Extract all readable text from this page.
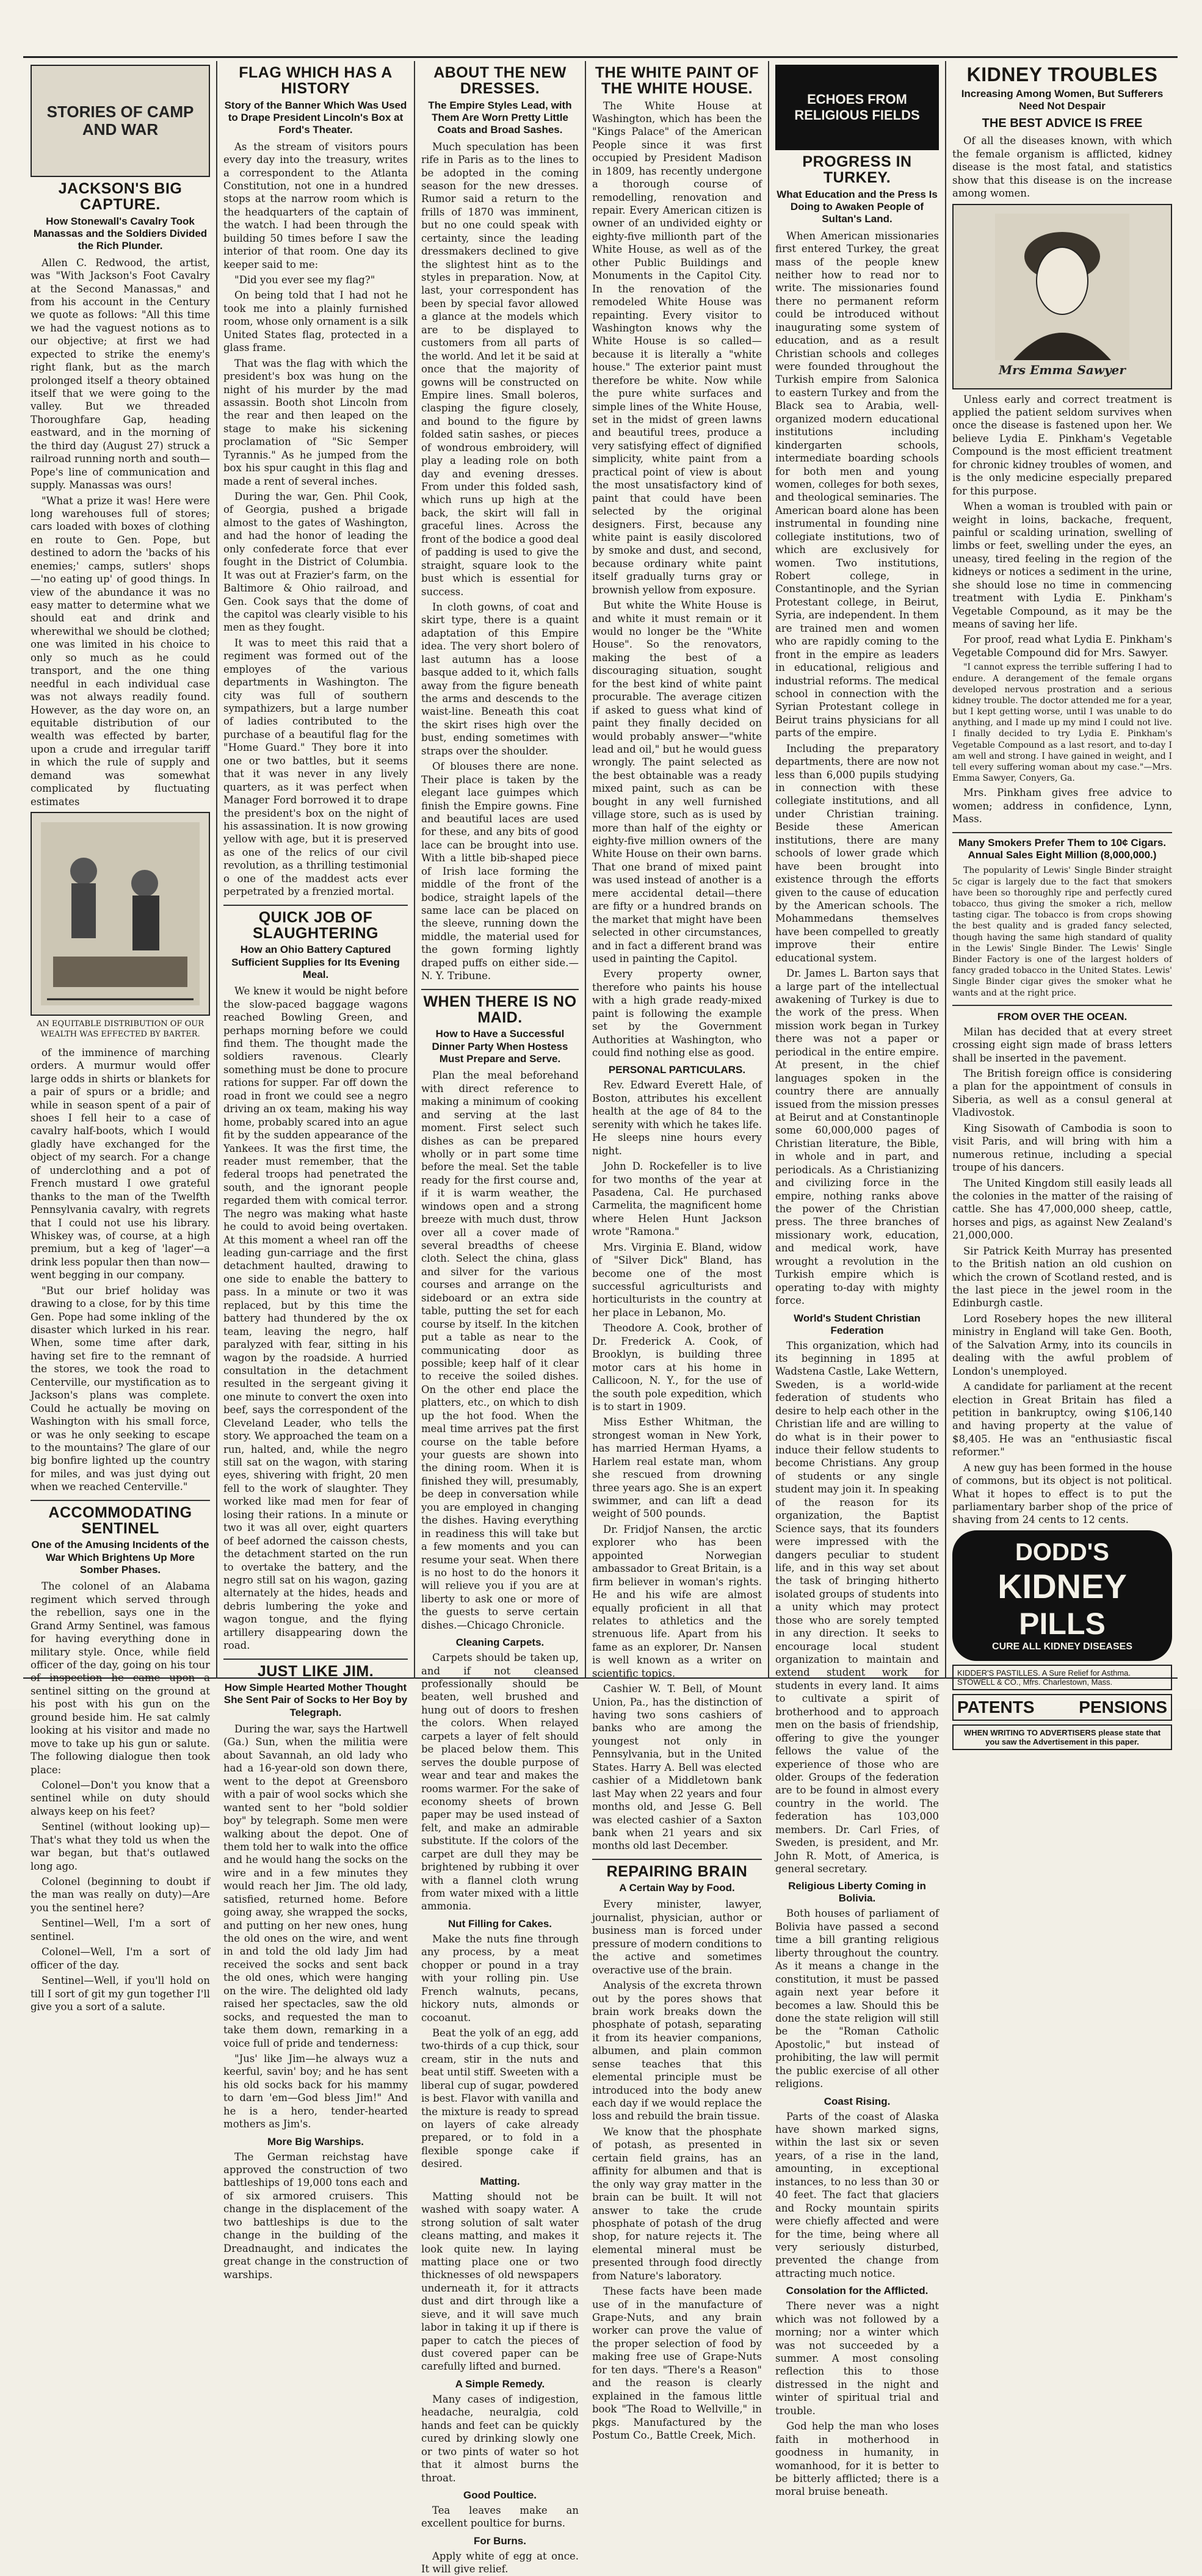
STORIES OF CAMP AND WAR
JACKSON'S BIG CAPTURE.
How Stonewall's Cavalry Took Manassas and the Soldiers Divided the Rich Plunder.

Allen C. Redwood, the artist, was "With Jackson's Foot Cavalry at the Second Manassas," and from his account in the Century we quote as follows: "All this time we had the vaguest notions as to our objective; at first we had expected to strike the enemy's right flank, but as the march prolonged itself a theory obtained itself that we were going to the valley. But we threaded Thoroughfare Gap, heading eastward, and in the morning of the third day (August 27) struck a railroad running north and south—Pope's line of communication and supply. Manassas was ours!

"What a prize it was! Here were long warehouses full of stores; cars loaded with boxes of clothing en route to Gen. Pope, but destined to adorn the 'backs of his enemies;' camps, sutlers' shops—'no eating up' of good things. In view of the abundance it was no easy matter to determine what we should eat and drink and wherewithal we should be clothed; one was limited in his choice to only so much as he could transport, and the one thing needful in each individual case was not always readily found. However, as the day wore on, an equitable distribution of our wealth was effected by barter, upon a crude and irregular tariff in which the rule of supply and demand was somewhat complicated by fluctuating estimates

AN EQUITABLE DISTRIBUTION OF OUR WEALTH WAS EFFECTED BY BARTER.

of the imminence of marching orders. A murmur would offer large odds in shirts or blankets for a pair of spurs or a bridle; and while in season spent of a pair of shoes I fell heir to a case of cavalry half-boots, which I would gladly have exchanged for the object of my search. For a change of underclothing and a pot of French mustard I owe grateful thanks to the man of the Twelfth Pennsylvania cavalry, with regrets that I could not use his library. Whiskey was, of course, at a high premium, but a keg of 'lager'—a drink less popular then than now—went begging in our company.

"But our brief holiday was drawing to a close, for by this time Gen. Pope had some inkling of the disaster which lurked in his rear. When, some time after dark, having set fire to the remnant of the stores, we took the road to Centerville, our mystification as to Jackson's plans was complete. Could he actually be moving on Washington with his small force, or was he only seeking to escape to the mountains? The glare of our big bonfire lighted up the country for miles, and was just dying out when we reached Centerville."

ACCOMMODATING SENTINEL
One of the Amusing Incidents of the War Which Brightens Up More Somber Phases.

The colonel of an Alabama regiment which served through the rebellion, says one in the Grand Army Sentinel, was famous for having everything done in military style. Once, while field officer of the day, going on his tour of inspection he came upon a sentinel sitting on the ground at his post with his gun on the ground beside him. He sat calmly looking at his visitor and made no move to take up his gun or salute. The following dialogue then took place:

Colonel—Don't you know that a sentinel while on duty should always keep on his feet?

Sentinel (without looking up)—That's what they told us when the war began, but that's outlawed long ago.

Colonel (beginning to doubt if the man was really on duty)—Are you the sentinel here?

Sentinel—Well, I'm a sort of sentinel.

Colonel—Well, I'm a sort of officer of the day.

Sentinel—Well, if you'll hold on till I sort of git my gun together I'll give you a sort of a salute.

FLAG WHICH HAS A HISTORY
Story of the Banner Which Was Used to Drape President Lincoln's Box at Ford's Theater.

As the stream of visitors pours every day into the treasury, writes a correspondent to the Atlanta Constitution, not one in a hundred stops at the narrow room which is the headquarters of the captain of the watch. I had been through the building 50 times before I saw the interior of that room. One day its keeper said to me:

"Did you ever see my flag?"

On being told that I had not he took me into a plainly furnished room, whose only ornament is a silk United States flag, protected in a glass frame.

That was the flag with which the president's box was hung on the night of his murder by the mad assassin. Booth shot Lincoln from the rear and then leaped on the stage to make his sickening proclamation of "Sic Semper Tyrannis." As he jumped from the box his spur caught in this flag and made a rent of several inches.

During the war, Gen. Phil Cook, of Georgia, pushed a brigade almost to the gates of Washington, and had the honor of leading the only confederate force that ever fought in the District of Columbia. It was out at Frazier's farm, on the Baltimore & Ohio railroad, and Gen. Cook says that the dome of the capitol was clearly visible to his men as they fought.

It was to meet this raid that a regiment was formed out of the employes of the various departments in Washington. The city was full of southern sympathizers, but a large number of ladies contributed to the purchase of a beautiful flag for the "Home Guard." They bore it into one or two battles, but it seems that it was never in any lively quarters, as it was perfect when Manager Ford borrowed it to drape the president's box on the night of his assassination. It is now growing yellow with age, but it is preserved as one of the relics of our civil revolution, as a thrilling testimonial o one of the maddest acts ever perpetrated by a frenzied mortal.

QUICK JOB OF SLAUGHTERING
How an Ohio Battery Captured Sufficient Supplies for Its Evening Meal.

We knew it would be night before the slow-paced baggage wagons reached Bowling Green, and perhaps morning before we could find them. The thought made the soldiers ravenous. Clearly something must be done to procure rations for supper. Far off down the road in front we could see a negro driving an ox team, making his way home, probably scared into an ague fit by the sudden appearance of the Yankees. It was the first time, the reader must remember, that the federal troops had penetrated the south, and the ignorant people regarded them with comical terror. The negro was making what haste he could to avoid being overtaken. At this moment a wheel ran off the leading gun-carriage and the first detachment haulted, drawing to one side to enable the battery to pass. In a minute or two it was replaced, but by this time the battery had thundered by the ox team, leaving the negro, half paralyzed with fear, sitting in his wagon by the roadside. A hurried consultation in the detachment resulted in the sergeant giving it one minute to convert the oxen into beef, says the correspondent of the Cleveland Leader, who tells the story. We approached the team on a run, halted, and, while the negro still sat on the wagon, with staring eyes, shivering with fright, 20 men fell to the work of slaughter. They worked like mad men for fear of losing their rations. In a minute or two it was all over, eight quarters of beef adorned the caisson chests, the detachment started on the run to overtake the battery, and the negro still sat on his wagon, gazing alternately at the hides, heads and debris lumbering the yoke and wagon tongue, and the flying artillery disappearing down the road.

JUST LIKE JIM.
How Simple Hearted Mother Thought She Sent Pair of Socks to Her Boy by Telegraph.

During the war, says the Hartwell (Ga.) Sun, when the militia were about Savannah, an old lady who had a 16-year-old son down there, went to the depot at Greensboro with a pair of wool socks which she wanted sent to her "bold soldier boy" by telegraph. Some men were walking about the depot. One of them told her to walk into the office and he would hang the socks on the wire and in a few minutes they would reach her Jim. The old lady, satisfied, returned home. Before going away, she wrapped the socks, and putting on her new ones, hung the old ones on the wire, and went in and told the old lady Jim had received the socks and sent back the old ones, which were hanging on the wire. The delighted old lady raised her spectacles, saw the old socks, and requested the man to take them down, remarking in a voice full of pride and tenderness:

"Jus' like Jim—he always wuz a keerful, savin' boy; and he has sent his old socks back for his mammy to darn 'em—God bless Jim!" And he is a hero, tender-hearted mothers as Jim's.

More Big Warships.

The German reichstag have approved the construction of two battleships of 19,000 tons each and of six armored cruisers. This change in the displacement of the two battleships is due to the change in the building of the Dreadnaught, and indicates the great change in the construction of warships.

ABOUT THE NEW DRESSES.
The Empire Styles Lead, with Them Are Worn Pretty Little Coats and Broad Sashes.

Much speculation has been rife in Paris as to the lines to be adopted in the coming season for the new dresses. Rumor said a return to the frills of 1870 was imminent, but no one could speak with certainty, since the leading dressmakers declined to give the slightest hint as to the styles in preparation. Now, at last, your correspondent has been by special favor allowed a glance at the models which are to be displayed to customers from all parts of the world. And let it be said at once that the majority of gowns will be constructed on Empire lines. Small boleros, clasping the figure closely, and bound to the figure by folded satin sashes, or pieces of wondrous embroidery, will play a leading role on both day and evening dresses. From under this folded sash, which runs up high at the back, the skirt will fall in graceful lines. Across the front of the bodice a good deal of padding is used to give the straight, square look to the bust which is essential for success.

In cloth gowns, of coat and skirt type, there is a quaint adaptation of this Empire idea. The very short bolero of last autumn has a loose basque added to it, which falls away from the figure beneath the arms and descends to the waist-line. Beneath this coat the skirt rises high over the bust, ending sometimes with straps over the shoulder.

Of blouses there are none. Their place is taken by the elegant lace guimpes which finish the Empire gowns. Fine and beautiful laces are used for these, and any bits of good lace can be brought into use. With a little bib-shaped piece of Irish lace forming the middle of the front of the bodice, straight lapels of the same lace can be placed on the sleeve, running down the middle, the material used for the gown forming lightly draped puffs on either side.—N. Y. Tribune.

WHEN THERE IS NO MAID.
How to Have a Successful Dinner Party When Hostess Must Prepare and Serve.

Plan the meal beforehand with direct reference to making a minimum of cooking and serving at the last moment. First select such dishes as can be prepared wholly or in part some time before the meal. Set the table ready for the first course and, if it is warm weather, the windows open and a strong breeze with much dust, throw over all a cover made of several breadths of cheese cloth. Select the china, glass and silver for the various courses and arrange on the sideboard or an extra side table, putting the set for each course by itself. In the kitchen put a table as near to the communicating door as possible; keep half of it clear to receive the soiled dishes. On the other end place the platters, etc., on which to dish up the hot food. When the meal time arrives pat the first course on the table before your guests are shown into the dining room. When it is finished they will, presumably, be deep in conversation while you are employed in changing the dishes. Having everything in readiness this will take but a few moments and you can resume your seat. When there is no host to do the honors it will relieve you if you are at liberty to ask one or more of the guests to serve certain dishes.—Chicago Chronicle.

Cleaning Carpets.

Carpets should be taken up, and if not cleansed professionally should be beaten, well brushed and hung out of doors to freshen the colors. When relayed carpets a layer of felt should be placed below them. This serves the double purpose of wear and tear and makes the rooms warmer. For the sake of economy sheets of brown paper may be used instead of felt, and make an admirable substitute. If the colors of the carpet are dull they may be brightened by rubbing it over with a flannel cloth wrung from water mixed with a little ammonia.

Nut Filling for Cakes.

Make the nuts fine through any process, by a meat chopper or pound in a tray with your rolling pin. Use French walnuts, pecans, hickory nuts, almonds or cocoanut.

Beat the yolk of an egg, add two-thirds of a cup thick, sour cream, stir in the nuts and beat until stiff. Sweeten with a liberal cup of sugar, powdered is best. Flavor with vanilla and the mixture is ready to spread on layers of cake already prepared, or to fold in a flexible sponge cake if desired.

Matting.

Matting should not be washed with soapy water. A strong solution of salt water cleans matting, and makes it look quite new. In laying matting place one or two thicknesses of old newspapers underneath it, for it attracts dust and dirt through like a sieve, and it will save much labor in taking it up if there is paper to catch the pieces of dust covered paper can be carefully lifted and burned.

A Simple Remedy.

Many cases of indigestion, headache, neuralgia, cold hands and feet can be quickly cured by drinking slowly one or two pints of water so hot that it almost burns the throat.

Good Poultice.

Tea leaves make an excellent poultice for burns.

For Burns.

Apply white of egg at once. It will give relief.

THE WHITE PAINT OF THE WHITE HOUSE.

The White House at Washington, which has been the "Kings Palace" of the American People since it was first occupied by President Madison in 1809, has recently undergone a thorough course of remodelling, renovation and repair. Every American citizen is owner of an undivided eighty or eighty-five millionth part of the White House, as well as of the other Public Buildings and Monuments in the Capitol City. In the renovation of the remodeled White House was repainting. Every visitor to Washington knows why the White House is so called—because it is literally a "white house." The exterior paint must therefore be white. Now while the pure white surfaces and simple lines of the White House, set in the midst of green lawns and beautiful trees, produce a very satisfying effect of dignified simplicity, white paint from a practical point of view is about the most unsatisfactory kind of paint that could have been selected by the original designers. First, because any white paint is easily discolored by smoke and dust, and second, because ordinary white paint itself gradually turns gray or brownish yellow from exposure.

But white the White House is and white it must remain or it would no longer be the "White House". So the renovators, making the best of a discouraging situation, sought for the best kind of white paint procurable. The average citizen if asked to guess what kind of paint they finally decided on would probably answer—"white lead and oil," but he would guess wrongly. The paint selected as the best obtainable was a ready mixed paint, such as can be bought in any well furnished village store, such as is used by more than half of the eighty or eighty-five million owners of the White House on their own barns. That one brand of mixed paint was used instead of another is a mere accidental detail—there are fifty or a hundred brands on the market that might have been selected in other circumstances, and in fact a different brand was used in painting the Capitol.

Every property owner, therefore who paints his house with a high grade ready-mixed paint is following the example set by the Government Authorities at Washington, who could find nothing else as good.

PERSONAL PARTICULARS.

Rev. Edward Everett Hale, of Boston, attributes his excellent health at the age of 84 to the serenity with which he takes life. He sleeps nine hours every night.

John D. Rockefeller is to live for two months of the year at Pasadena, Cal. He purchased Carmelita, the magnificent home where Helen Hunt Jackson wrote "Ramona."

Mrs. Virginia E. Bland, widow of "Silver Dick" Bland, has become one of the most successful agriculturists and horticulturists in the country at her place in Lebanon, Mo.

Theodore A. Cook, brother of Dr. Frederick A. Cook, of Brooklyn, is building three motor cars at his home in Callicoon, N. Y., for the use of the south pole expedition, which is to start in 1909.

Miss Esther Whitman, the strongest woman in New York, has married Herman Hyams, a Harlem real estate man, whom she rescued from drowning three years ago. She is an expert swimmer, and can lift a dead weight of 500 pounds.

Dr. Fridjof Nansen, the arctic explorer who has been appointed Norwegian ambassador to Great Britain, is a firm believer in woman's rights. He and his wife are almost equally proficient in all that relates to athletics and the strenuous life. Apart from his fame as an explorer, Dr. Nansen is well known as a writer on scientific topics.

Cashier W. T. Bell, of Mount Union, Pa., has the distinction of having two sons cashiers of banks who are among the youngest not only in Pennsylvania, but in the United States. Harry A. Bell was elected cashier of a Middletown bank last May when 22 years and four months old, and Jesse G. Bell was elected cashier of a Saxton bank when 21 years and six months old last December.

REPAIRING BRAIN
A Certain Way by Food.

Every minister, lawyer, journalist, physician, author or business man is forced under pressure of modern conditions to the active and sometimes overactive use of the brain.

Analysis of the excreta thrown out by the pores shows that brain work breaks down the phosphate of potash, separating it from its heavier companions, albumen, and plain common sense teaches that this elemental principle must be introduced into the body anew each day if we would replace the loss and rebuild the brain tissue.

We know that the phosphate of potash, as presented in certain field grains, has an affinity for albumen and that is the only way gray matter in the brain can be built. It will not answer to take the crude phosphate of potash of the drug shop, for nature rejects it. The elemental mineral must be presented through food directly from Nature's laboratory.

These facts have been made use of in the manufacture of Grape-Nuts, and any brain worker can prove the value of the proper selection of food by making free use of Grape-Nuts for ten days. "There's a Reason" and the reason is clearly explained in the famous little book "The Road to Wellville," in pkgs. Manufactured by the Postum Co., Battle Creek, Mich.

ECHOES FROM RELIGIOUS FIELDS
PROGRESS IN TURKEY.
What Education and the Press Is Doing to Awaken People of Sultan's Land.

When American missionaries first entered Turkey, the great mass of the people knew neither how to read nor to write. The missionaries found there no permanent reform could be introduced without inaugurating some system of education, and as a result Christian schools and colleges were founded throughout the Turkish empire from Salonica to eastern Turkey and from the Black sea to Arabia, well-organized modern educational institutions including kindergarten schools, intermediate boarding schools for both men and young women, colleges for both sexes, and theological seminaries. The American board alone has been instrumental in founding nine collegiate institutions, two of which are exclusively for women. Two institutions, Robert college, in Constantinople, and the Syrian Protestant college, in Beirut, Syria, are independent. In them are trained men and women who are rapidly coming to the front in the empire as leaders in educational, religious and industrial reforms. The medical school in connection with the Syrian Protestant college in Beirut trains physicians for all parts of the empire.

Including the preparatory departments, there are now not less than 6,000 pupils studying in connection with these collegiate institutions, and all under Christian training. Beside these American institutions, there are many schools of lower grade which have been brought into existence through the efforts given to the cause of education by the American schools. The Mohammedans themselves have been compelled to greatly improve their entire educational system.

Dr. James L. Barton says that a large part of the intellectual awakening of Turkey is due to the work of the press. When mission work began in Turkey there was not a paper or periodical in the entire empire. At present, in the chief languages spoken in the country there are annually issued from the mission presses at Beirut and at Constantinople some 60,000,000 pages of Christian literature, the Bible, in whole and in part, and periodicals. As a Christianizing and civilizing force in the empire, nothing ranks above the power of the Christian press. The three branches of missionary work, education, and medical work, have wrought a revolution in the Turkish empire which is operating to-day with mighty force.

World's Student Christian Federation

This organization, which had its beginning in 1895 at Wadstena Castle, Lake Wettern, Sweden, is a world-wide federation of students who desire to help each other in the Christian life and are willing to do what is in their power to induce their fellow students to become Christians. Any group of students or any single student may join it. In speaking of the reason for its organization, the Baptist Science says, that its founders were impressed with the dangers peculiar to student life, and in this way set about the task of bringing hitherto isolated groups of students into a unity which may protect those who are sorely tempted in any direction. It seeks to encourage local student organization to maintain and extend student work for students in every land. It aims to cultivate a spirit of brotherhood and to approach men on the basis of friendship, offering to give the younger fellows the value of the experience of those who are older. Groups of the federation are to be found in almost every country in the world. The federation has 103,000 members. Dr. Carl Fries, of Sweden, is president, and Mr. John R. Mott, of America, is general secretary.

Religious Liberty Coming in Bolivia.

Both houses of parliament of Bolivia have passed a second time a bill granting religious liberty throughout the country. As it means a change in the constitution, it must be passed again next year before it becomes a law. Should this be done the state religion will still be the "Roman Catholic Apostolic," but instead of prohibiting, the law will permit the public exercise of all other religions.

Coast Rising.

Parts of the coast of Alaska have shown marked signs, within the last six or seven years, of a rise in the land, amounting, in exceptional instances, to no less than 30 or 40 feet. The fact that glaciers and Rocky mountain spirits were chiefly affected and were for the time, being where all very seriously disturbed, prevented the change from attracting much notice.

Consolation for the Afflicted.

There never was a night which was not followed by a morning; nor a winter which was not succeeded by a summer. A most consoling reflection this to those distressed in the night and winter of spiritual trial and trouble.

God help the man who loses faith in motherhood in goodness in humanity, in womanhood, for it is better to be bitterly afflicted; there is a moral bruise beneath.

KIDNEY TROUBLES
Increasing Among Women, But Sufferers Need Not Despair
THE BEST ADVICE IS FREE

Of all the diseases known, with which the female organism is afflicted, kidney disease is the most fatal, and statistics show that this disease is on the increase among women.

Mrs Emma Sawyer

Unless early and correct treatment is applied the patient seldom survives when once the disease is fastened upon her. We believe Lydia E. Pinkham's Vegetable Compound is the most efficient treatment for chronic kidney troubles of women, and is the only medicine especially prepared for this purpose.

When a woman is troubled with pain or weight in loins, backache, frequent, painful or scalding urination, swelling of limbs or feet, swelling under the eyes, an uneasy, tired feeling in the region of the kidneys or notices a sediment in the urine, she should lose no time in commencing treatment with Lydia E. Pinkham's Vegetable Compound, as it may be the means of saving her life.

For proof, read what Lydia E. Pinkham's Vegetable Compound did for Mrs. Sawyer.

"I cannot express the terrible suffering I had to endure. A derangement of the female organs developed nervous prostration and a serious kidney trouble. The doctor attended me for a year, but I kept getting worse, until I was unable to do anything, and I made up my mind I could not live. I finally decided to try Lydia E. Pinkham's Vegetable Compound as a last resort, and to-day I am well and strong. I have gained in weight, and I tell every suffering woman about my case."—Mrs. Emma Sawyer, Conyers, Ga.

Mrs. Pinkham gives free advice to women; address in confidence, Lynn, Mass.

Many Smokers Prefer Them to 10¢ Cigars. Annual Sales Eight Million (8,000,000.)

The popularity of Lewis' Single Binder straight 5c cigar is largely due to the fact that smokers have been so thoroughly ripe and perfectly cured tobacco, thus giving the smoker a rich, mellow tasting cigar. The tobacco is from crops showing the best quality and is graded fancy selected, though having the same high standard of quality in the Lewis' Single Binder. The Lewis' Single Binder Factory is one of the largest holders of fancy graded tobacco in the United States. Lewis' Single Binder cigar gives the smoker what he wants and at the right price.

FROM OVER THE OCEAN.

Milan has decided that at every street crossing eight sign made of brass letters shall be inserted in the pavement.

The British foreign office is considering a plan for the appointment of consuls in Siberia, as well as a consul general at Vladivostok.

King Sisowath of Cambodia is soon to visit Paris, and will bring with him a numerous retinue, including a special troupe of his dancers.

The United Kingdom still easily leads all the colonies in the matter of the raising of cattle. She has 47,000,000 sheep, cattle, horses and pigs, as against New Zealand's 21,000,000.

Sir Patrick Keith Murray has presented to the British nation an old cushion on which the crown of Scotland rested, and is the last piece in the jewel room in the Edinburgh castle.

Lord Rosebery hopes the new illiteral ministry in England will take Gen. Booth, of the Salvation Army, into its councils in dealing with the awful problem of London's unemployed.

A candidate for parliament at the recent election in Great Britain has filed a petition in bankruptcy, owing $106,140 and having property at the value of $8,405. He was an "enthusiastic fiscal reformer."

A new guy has been formed in the house of commons, but its object is not political. What it hopes to effect is to put the parliamentary barber shop of the price of shaving from 24 cents to 12 cents.

DODD'S
KIDNEY
PILLS
CURE ALL KIDNEY DISEASES
KIDDER'S PASTILLES. A Sure Relief for Asthma. STOWELL & CO., Mfrs. Charlestown, Mass.
PATENTS	PENSIONS
WHEN WRITING TO ADVERTISERS please state that you saw the Advertisement in this paper.
